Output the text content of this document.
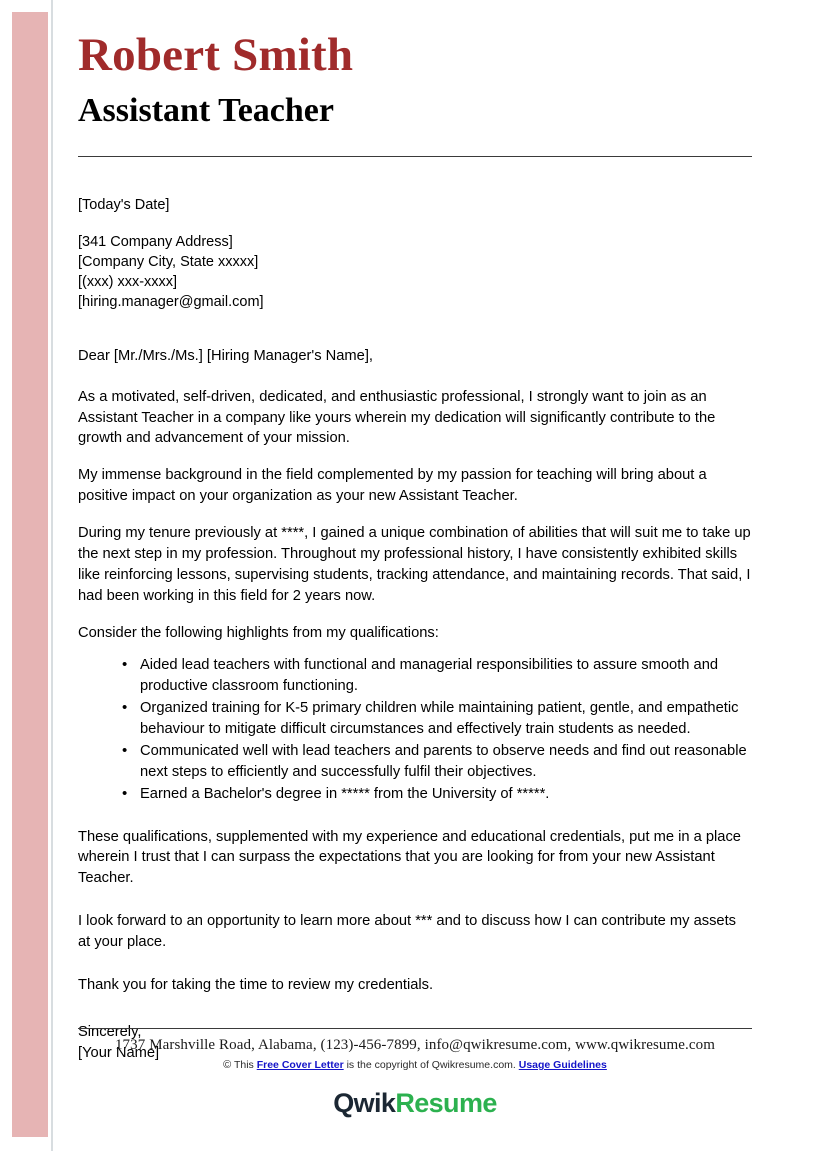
Robert Smith
Assistant Teacher
[Today's Date]
[341 Company Address]
[Company City, State xxxxx]
[(xxx) xxx-xxxx]
[hiring.manager@gmail.com]

Dear [Mr./Mrs./Ms.] [Hiring Manager's Name],

As a motivated, self-driven, dedicated, and enthusiastic professional, I strongly want to join as an Assistant Teacher in a company like yours wherein my dedication will significantly contribute to the growth and advancement of your mission.

My immense background in the field complemented by my passion for teaching will bring about a positive impact on your organization as your new Assistant Teacher.

During my tenure previously at ****, I gained a unique combination of abilities that will suit me to take up the next step in my profession. Throughout my professional history, I have consistently exhibited skills like reinforcing lessons, supervising students, tracking attendance, and maintaining records. That said, I had been working in this field for 2 years now.

Consider the following highlights from my qualifications:

• Aided lead teachers with functional and managerial responsibilities to assure smooth and productive classroom functioning.
• Organized training for K-5 primary children while maintaining patient, gentle, and empathetic behaviour to mitigate difficult circumstances and effectively train students as needed.
• Communicated well with lead teachers and parents to observe needs and find out reasonable next steps to efficiently and successfully fulfil their objectives.
• Earned a Bachelor's degree in ***** from the University of *****.

These qualifications, supplemented with my experience and educational credentials, put me in a place wherein I trust that I can surpass the expectations that you are looking for from your new Assistant Teacher.

I look forward to an opportunity to learn more about *** and to discuss how I can contribute my assets at your place.

Thank you for taking the time to review my credentials.

Sincerely,
[Your Name]
1737 Marshville Road, Alabama, (123)-456-7899, info@qwikresume.com, www.qwikresume.com
© This Free Cover Letter is the copyright of Qwikresume.com. Usage Guidelines
QwikResume
